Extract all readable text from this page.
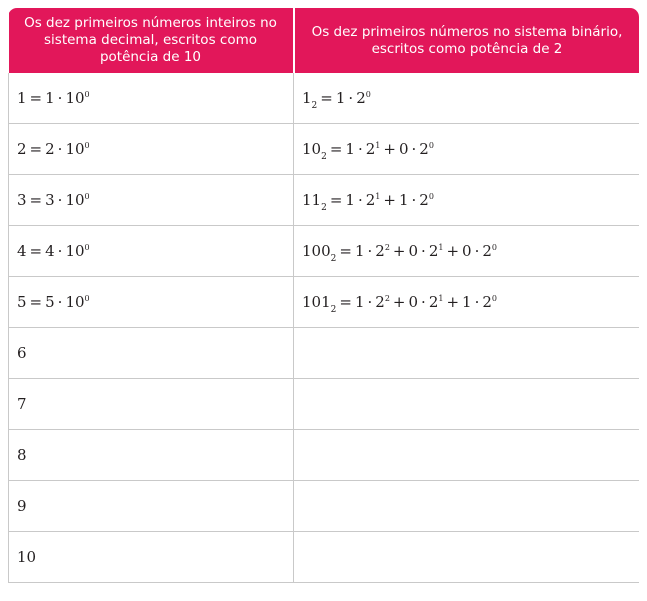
Os dez primeiros números inteiros no sistema decimal, escritos como potência de 10	Os dez primeiros números no sistema binário, escritos como potência de 2
$1 = 1 \cdot 10^0$	$1_2 = 1 \cdot 2^0$
$2 = 2 \cdot 10^0$	$10_2 = 1 \cdot 2^1 + 0 \cdot 2^0$
$3 = 3 \cdot 10^0$	$11_2 = 1 \cdot 2^1 + 1 \cdot 2^0$
$4 = 4 \cdot 10^0$	$100_2 = 1 \cdot 2^2 + 0 \cdot 2^1 + 0 \cdot 2^0$
$5 = 5 \cdot 10^0$	$101_2 = 1 \cdot 2^2 + 0 \cdot 2^1 + 1 \cdot 2^0$
6	
7	
8	
9	
10	
